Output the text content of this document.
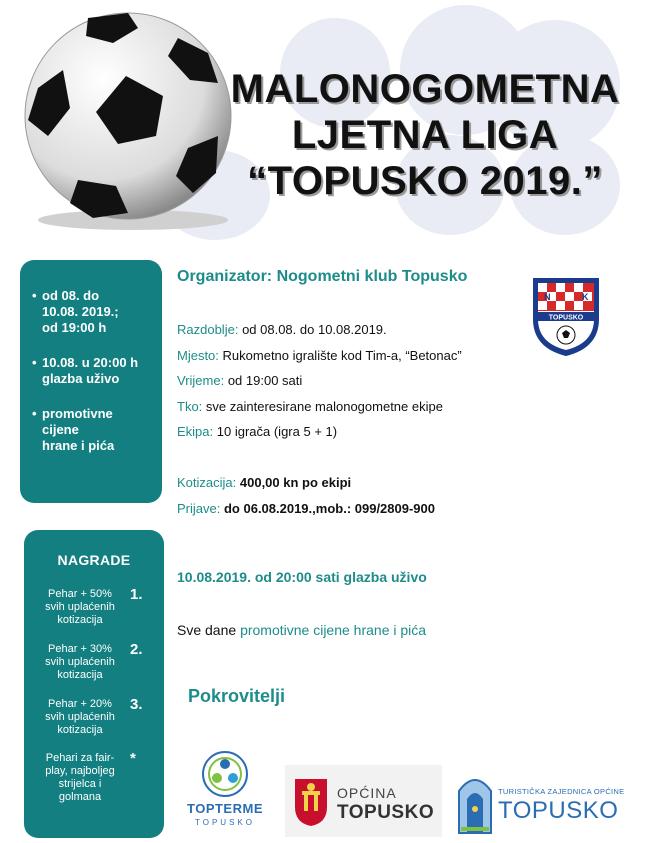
MALONOGOMETNA
LJETNA LIGA
“TOPUSKO 2019.”
• od 08. do
10.08. 2019.;
od 19:00 h
• 10.08. u 20:00 h
glazba uživo
• promotivne
cijene
hrane i pića
NAGRADE
Pehar + 50%
svih uplaćenih
kotizacija
1.
Pehar + 30%
svih uplaćenih
kotizacija
2.
Pehar + 20%
svih uplaćenih
kotizacija
3.
Pehari za fair-
play, najboljeg
strijelca i
golmana
*
Organizator: Nogometni klub Topusko
TOPUSKO
N	K
Razdoblje: od 08.08. do 10.08.2019.
Mjesto: Rukometno igralište kod Tim-a, “Betonac”
Vrijeme: od 19:00 sati
Tko: sve zainteresirane malonogometne ekipe
Ekipa: 10 igrača (igra 5 + 1)
Kotizacija: 400,00 kn po ekipi
Prijave: do 06.08.2019.,mob.: 099/2809-900
10.08.2019. od 20:00 sati glazba uživo
Sve dane promotivne cijene hrane i pića
Pokrovitelji
TOPTERME
TOPUSKO
OPĆINA
TOPUSKO
TURISTIČKA ZAJEDNICA OPĆINE
TOPUSKO
